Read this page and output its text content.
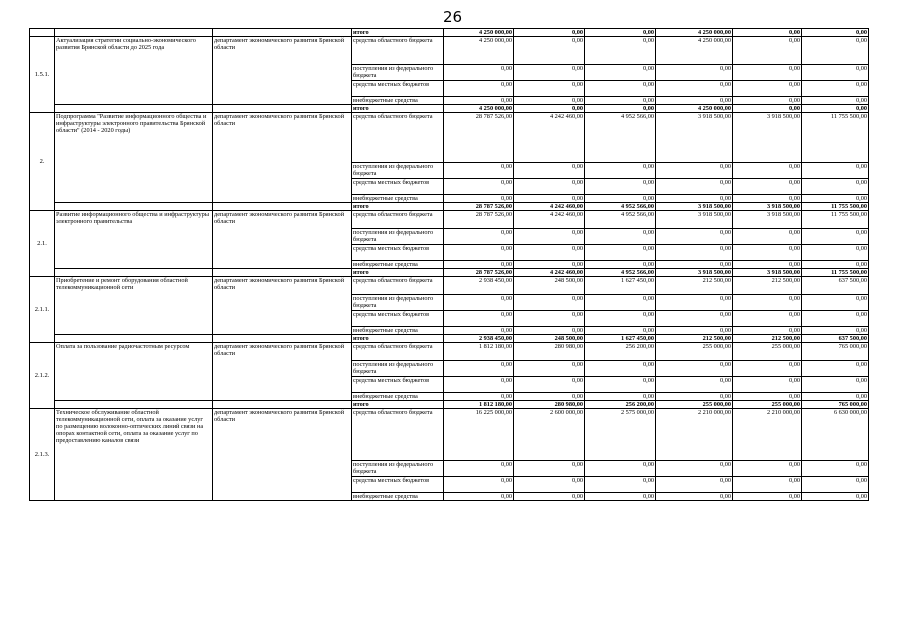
26
			итого	4 250 000,00	0,00	0,00	4 250 000,00	0,00	0,00
1.5.1.	Актуализация стратегии социально-экономического развития Брянской области до 2025 года	департамент экономического развития Брянской области	средства областного бюджета	4 250 000,00	0,00	0,00	4 250 000,00	0,00	0,00
			поступления из федерального бюджета	0,00	0,00	0,00	0,00	0,00	0,00
			средства местных бюджетов	0,00	0,00	0,00	0,00	0,00	0,00
			внебюджетные средства	0,00	0,00	0,00	0,00	0,00	0,00
			итого	4 250 000,00	0,00	0,00	4 250 000,00	0,00	0,00
2.	Подпрограмма "Развитие информационного общества и инфраструктуры электронного правительства Брянской области" (2014 - 2020 годы)	департамент экономического развития Брянской области	средства областного бюджета	28 787 526,00	4 242 460,00	4 952 566,00	3 918 500,00	3 918 500,00	11 755 500,00
			поступления из федерального бюджета	0,00	0,00	0,00	0,00	0,00	0,00
			средства местных бюджетов	0,00	0,00	0,00	0,00	0,00	0,00
			внебюджетные средства	0,00	0,00	0,00	0,00	0,00	0,00
			итого	28 787 526,00	4 242 460,00	4 952 566,00	3 918 500,00	3 918 500,00	11 755 500,00
2.1.	Развитие информационного общества и инфраструктуры электронного правительства	департамент экономического развития Брянской области	средства областного бюджета	28 787 526,00	4 242 460,00	4 952 566,00	3 918 500,00	3 918 500,00	11 755 500,00
			поступления из федерального бюджета	0,00	0,00	0,00	0,00	0,00	0,00
			средства местных бюджетов	0,00	0,00	0,00	0,00	0,00	0,00
			внебюджетные средства	0,00	0,00	0,00	0,00	0,00	0,00
			итого	28 787 526,00	4 242 460,00	4 952 566,00	3 918 500,00	3 918 500,00	11 755 500,00
2.1.1.	Приобретение и ремонт оборудования областной телекоммуникационной сети	департамент экономического развития Брянской области	средства областного бюджета	2 938 450,00	248 500,00	1 627 450,00	212 500,00	212 500,00	637 500,00
			поступления из федерального бюджета	0,00	0,00	0,00	0,00	0,00	0,00
			средства местных бюджетов	0,00	0,00	0,00	0,00	0,00	0,00
			внебюджетные средства	0,00	0,00	0,00	0,00	0,00	0,00
			итого	2 938 450,00	248 500,00	1 627 450,00	212 500,00	212 500,00	637 500,00
2.1.2.	Оплата за пользование радиочастотным ресурсом	департамент экономического развития Брянской области	средства областного бюджета	1 812 180,00	280 980,00	256 200,00	255 000,00	255 000,00	765 000,00
			поступления из федерального бюджета	0,00	0,00	0,00	0,00	0,00	0,00
			средства местных бюджетов	0,00	0,00	0,00	0,00	0,00	0,00
			внебюджетные средства	0,00	0,00	0,00	0,00	0,00	0,00
			итого	1 812 180,00	280 980,00	256 200,00	255 000,00	255 000,00	765 000,00
2.1.3.	Техническое обслуживание областной телекоммуникационной сети, оплата за оказание услуг по размещению волоконно-оптических линий связи на опорах контактной сети, оплата за оказание услуг по предоставлению каналов связи	департамент экономического развития Брянской области	средства областного бюджета	16 225 000,00	2 600 000,00	2 575 000,00	2 210 000,00	2 210 000,00	6 630 000,00
			поступления из федерального бюджета	0,00	0,00	0,00	0,00	0,00	0,00
			средства местных бюджетов	0,00	0,00	0,00	0,00	0,00	0,00
			внебюджетные средства	0,00	0,00	0,00	0,00	0,00	0,00
